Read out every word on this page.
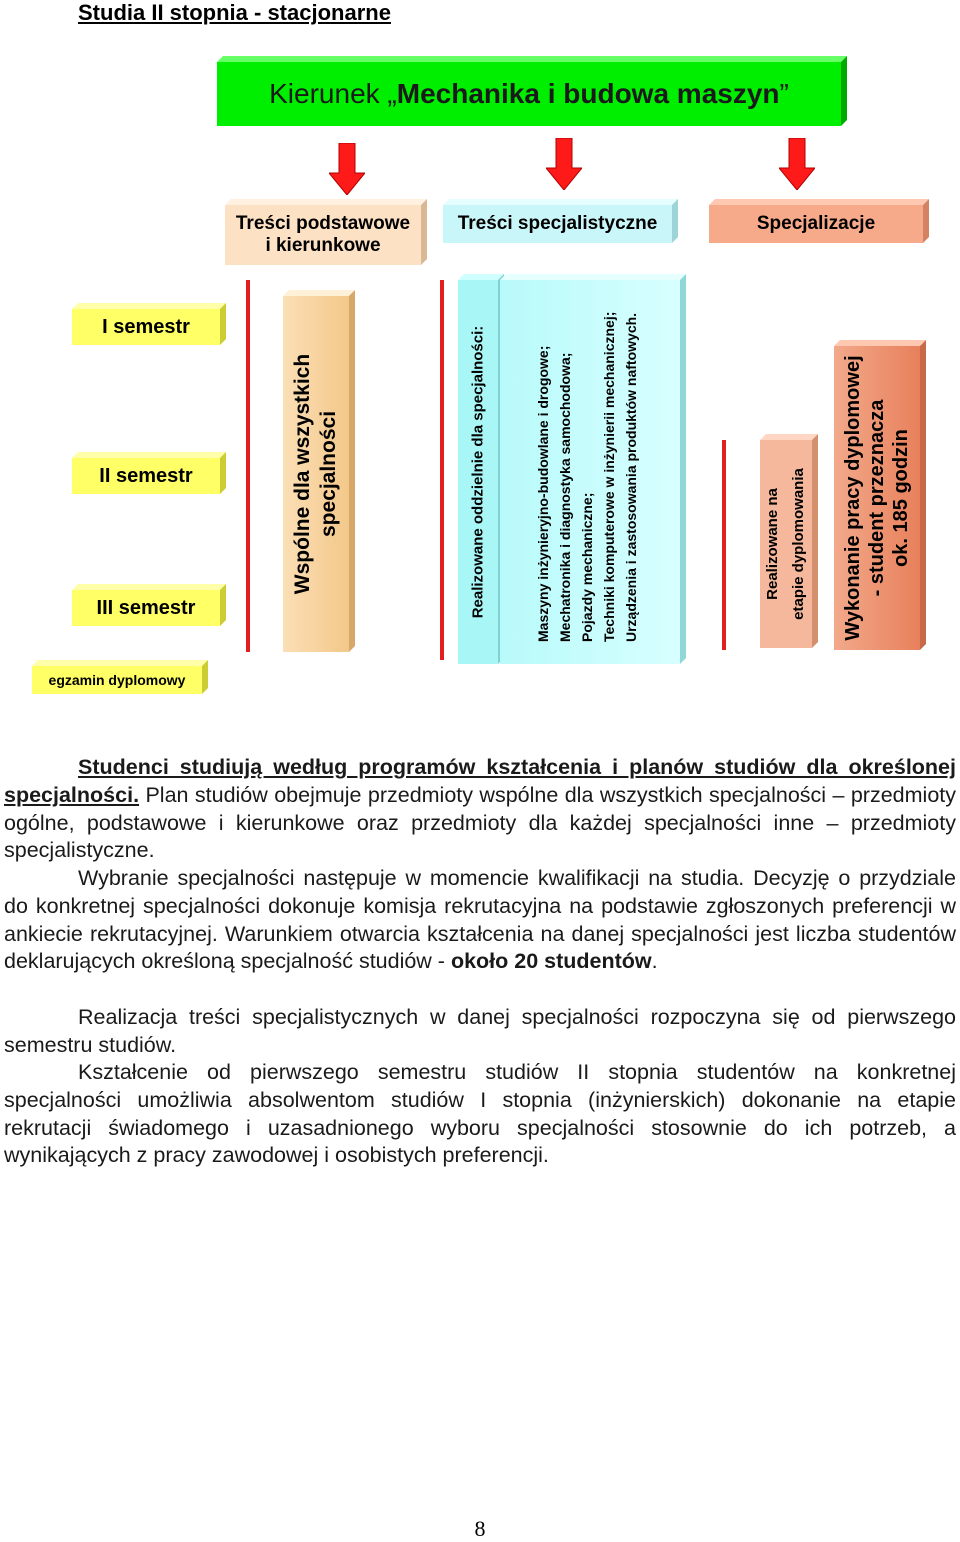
Studia II stopnia - stacjonarne
Kierunek „ Mechanika i budowa maszyn ”
Treści podstawowe
i kierunkowe
Treści specjalistyczne	Specjalizacje
I semestr
II semestr
III semestr
egzamin dyplomowy
Wspólne dla wszystkich specjalności	Realizowane oddzielnie dla specjalności:	Maszyny inżynieryjno-budowlane i drogowe; Mechatronika i diagnostyka samochodowa; Pojazdy mechaniczne; Techniki komputerowe w inżynierii mechanicznej; Urządzenia i zastosowania produktów naftowych.	Realizowane na etapie dyplomowania Wykonanie pracy dyplomowej - student przeznacza ok. 185 godzin
Studenci studiują według programów kształcenia i planów studiów dla określonej specjalności. Plan studiów obejmuje przedmioty wspólne dla wszystkich specjalności – przedmioty ogólne, podstawowe i kierunkowe oraz przedmioty dla każdej specjalności inne – przedmioty specjalistyczne.
Wybranie specjalności następuje w momencie kwalifikacji na studia. Decyzję o przydziale do konkretnej specjalności dokonuje komisja rekrutacyjna na podstawie zgłoszonych preferencji w ankiecie rekrutacyjnej. Warunkiem otwarcia kształcenia na danej specjalności jest liczba studentów deklarujących określoną specjalność studiów - około 20 studentów.
Realizacja treści specjalistycznych w danej specjalności rozpoczyna się od pierwszego semestru studiów.
Kształcenie od pierwszego semestru studiów II stopnia studentów na konkretnej specjalności umożliwia absolwentom studiów I stopnia (inżynierskich) dokonanie na etapie rekrutacji świadomego i uzasadnionego wyboru specjalności stosownie do ich potrzeb, a wynikających z pracy zawodowej i osobistych preferencji.
8
